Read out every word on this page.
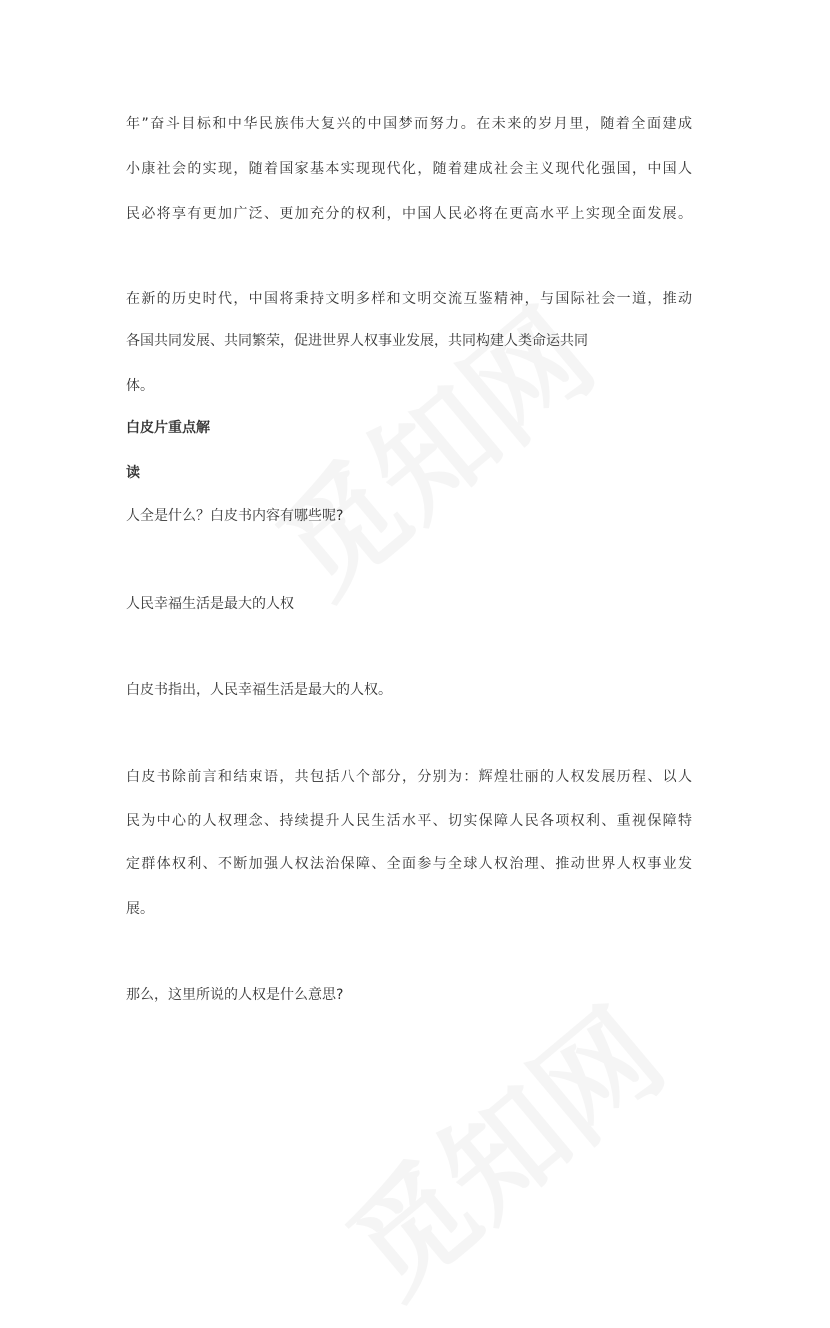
年”奋斗目标和中华民族伟大复兴的中国梦而努力。在未来的岁月里，随着全面建成
小康社会的实现，随着国家基本实现现代化，随着建成社会主义现代化强国，中国人
民必将享有更加广泛、更加充分的权利，中国人民必将在更高水平上实现全面发展。
在新的历史时代，中国将秉持文明多样和文明交流互鉴精神，与国际社会一道，推动
各国共同发展、共同繁荣，促进世界人权事业发展，共同构建人类命运共同
体。
白皮片重点解
读
人全是什么？白皮书内容有哪些呢?
人民幸福生活是最大的人权
白皮书指出，人民幸福生活是最大的人权。
白皮书除前言和结束语，共包括八个部分，分别为：辉煌壮丽的人权发展历程、以人
民为中心的人权理念、持续提升人民生活水平、切实保障人民各项权利、重视保障特
定群体权利、不断加强人权法治保障、全面参与全球人权治理、推动世界人权事业发
展。
那么，这里所说的人权是什么意思?
